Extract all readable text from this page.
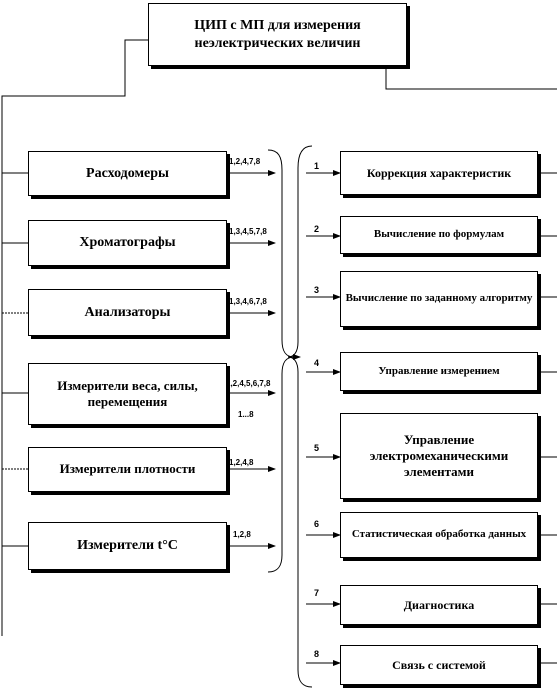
ЦИП с МП для измерения неэлектрических величин
Расходомеры
Хроматографы
Анализаторы
Измерители веса, силы, перемещения
Измерители плотности
Измерители t°C
1,2,4,7,8
1,3,4,5,7,8
1,3,4,6,7,8
1,2,4,5,6,7,8
1...8
1,2,4,8
1,2,8
Коррекция характеристик
Вычисление по формулам
Вычисление по заданному алгоритму
Управление измерением
Управление электромеханическими элементами
Статистическая обработка данных
Диагностика
Связь с системой
1
2
3
4
5
6
7
8
